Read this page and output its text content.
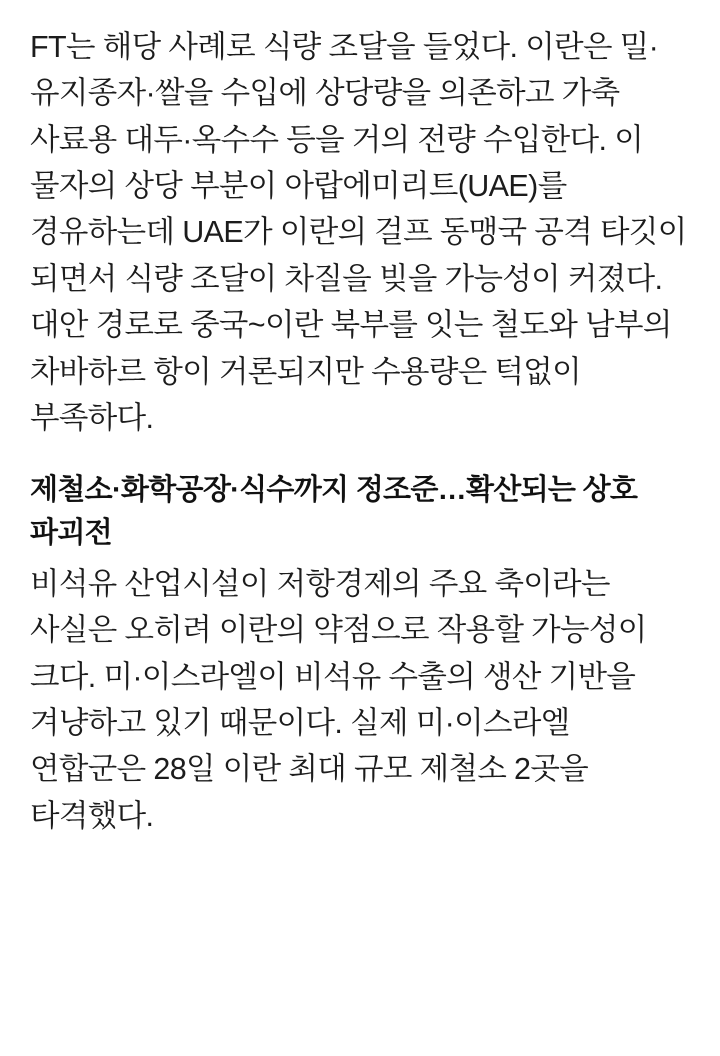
FT는 해당 사례로 식량 조달을 들었다. 이란은 밀·유지종자·쌀을 수입에 상당량을 의존하고 가축 사료용 대두·옥수수 등을 거의 전량 수입한다. 이 물자의 상당 부분이 아랍에미리트(UAE)를 경유하는데 UAE가 이란의 걸프 동맹국 공격 타깃이 되면서 식량 조달이 차질을 빚을 가능성이 커졌다. 대안 경로로 중국~이란 북부를 잇는 철도와 남부의 차바하르 항이 거론되지만 수용량은 턱없이 부족하다.

제철소·화학공장·식수까지 정조준…확산되는 상호 파괴전

비석유 산업시설이 저항경제의 주요 축이라는 사실은 오히려 이란의 약점으로 작용할 가능성이 크다. 미·이스라엘이 비석유 수출의 생산 기반을 겨냥하고 있기 때문이다. 실제 미·이스라엘 연합군은 28일 이란 최대 규모 제철소 2곳을 타격했다.
